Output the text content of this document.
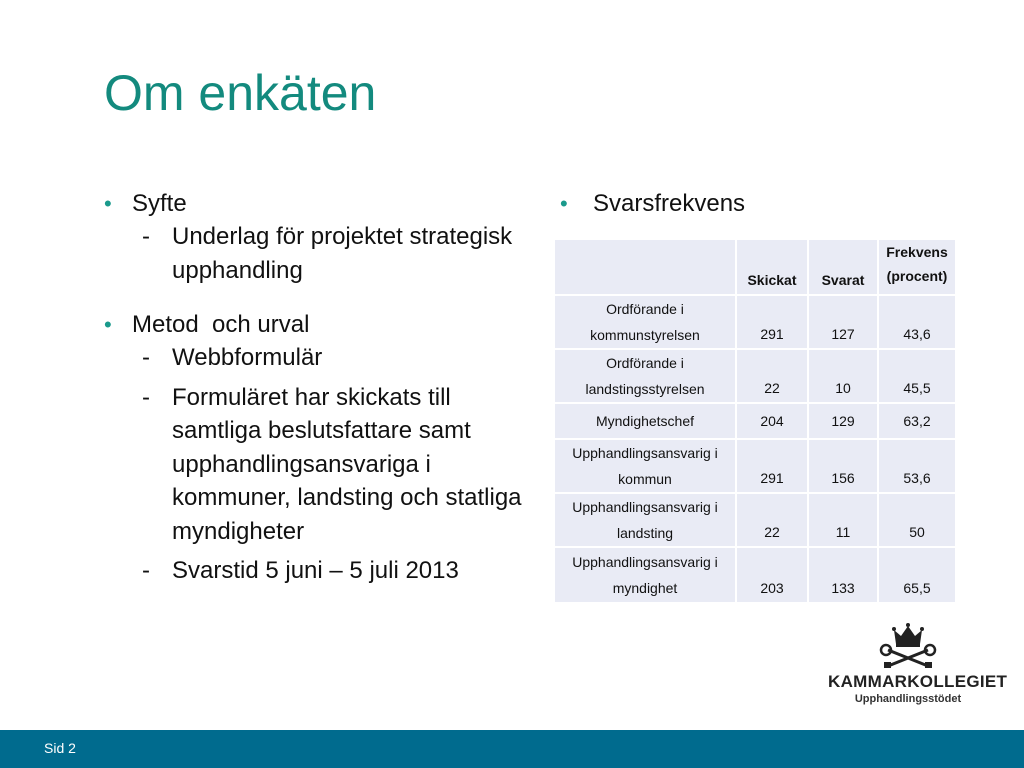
Om enkäten
• Syfte
- Underlag för projektet strategisk upphandling
• Metod  och urval
- Webbformulär
- Formuläret har skickats till samtliga beslutsfattare samt upphandlingsansvariga i kommuner, landsting och statliga myndigheter
- Svarstid 5 juni – 5 juli 2013
• Svarsfrekvens
	Skickat	Svarat	Frekvens (procent)
Ordförande i kommunstyrelsen	291	127	43,6
Ordförande i landstingsstyrelsen	22	10	45,5
Myndighetschef	204	129	63,2
Upphandlingsansvarig i kommun	291	156	53,6
Upphandlingsansvarig i landsting	22	11	50
Upphandlingsansvarig i myndighet	203	133	65,5
KAMMARKOLLEGIET
Upphandlingsstödet
Sid 2
